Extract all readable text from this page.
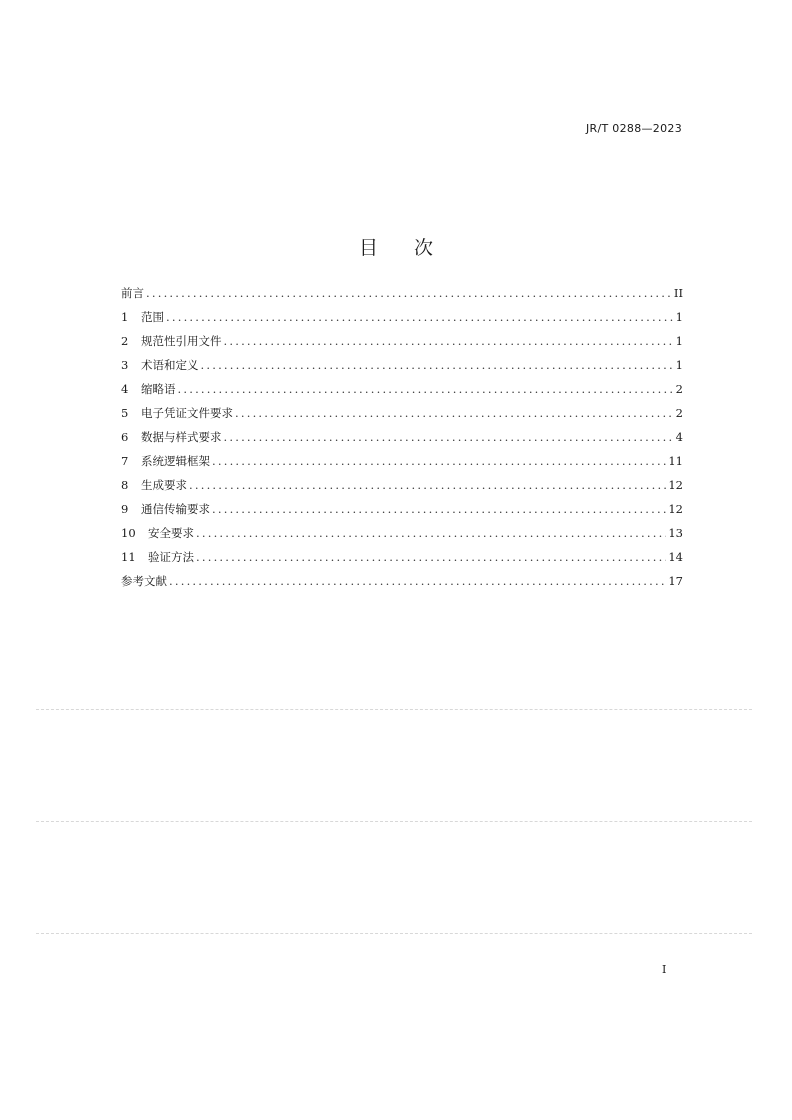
JR/T 0288—2023
目 次
前言 .....	II
1	范围 .....	1
2	规范性引用文件 .....	1
3	术语和定义 .....	1
4	缩略语 .....	2
5	电子凭证文件要求 .....	2
6	数据与样式要求 .....	4
7	系统逻辑框架 .....	11
8	生成要求 .....	12
9	通信传输要求 .....	12
10	安全要求 .....	13
11	验证方法 .....	14
参考文献 .....	17
I
